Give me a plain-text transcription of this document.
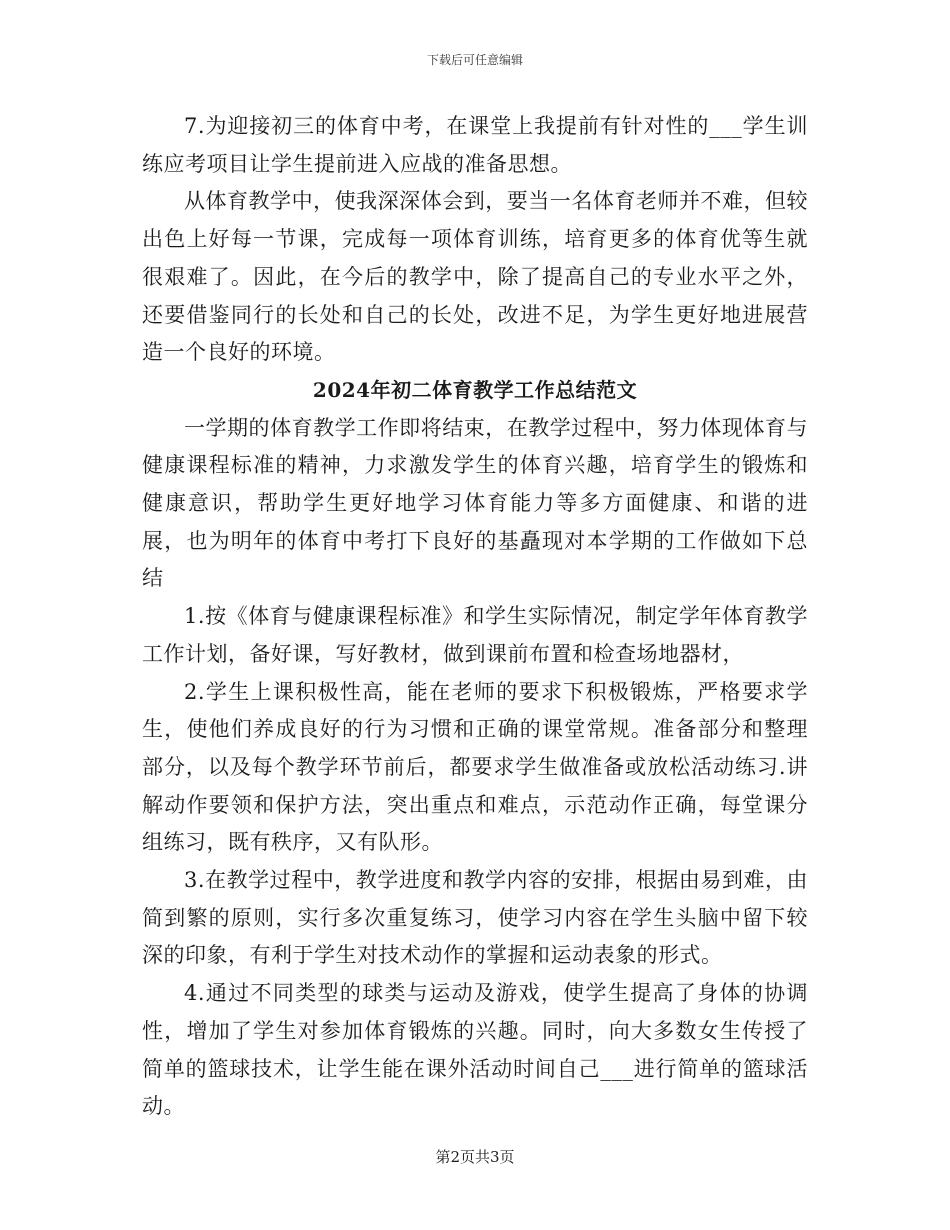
下载后可任意编辑

7.为迎接初三的体育中考，在课堂上我提前有针对性的___学生训练应考项目让学生提前进入应战的准备思想。

从体育教学中，使我深深体会到，要当一名体育老师并不难，但较出色上好每一节课，完成每一项体育训练，培育更多的体育优等生就很艰难了。因此，在今后的教学中，除了提高自己的专业水平之外，还要借鉴同行的长处和自己的长处，改进不足，为学生更好地进展营造一个良好的环境。

2024年初二体育教学工作总结范文

一学期的体育教学工作即将结束，在教学过程中，努力体现体育与健康课程标准的精神，力求激发学生的体育兴趣，培育学生的锻炼和健康意识，帮助学生更好地学习体育能力等多方面健康、和谐的进展，也为明年的体育中考打下良好的基矗现对本学期的工作做如下总结

1.按《体育与健康课程标准》和学生实际情况，制定学年体育教学工作计划，备好课，写好教材，做到课前布置和检查场地器材，

2.学生上课积极性高，能在老师的要求下积极锻炼，严格要求学生，使他们养成良好的行为习惯和正确的课堂常规。准备部分和整理部分，以及每个教学环节前后，都要求学生做准备或放松活动练习.讲解动作要领和保护方法，突出重点和难点，示范动作正确，每堂课分组练习，既有秩序，又有队形。

3.在教学过程中，教学进度和教学内容的安排，根据由易到难，由简到繁的原则，实行多次重复练习，使学习内容在学生头脑中留下较深的印象，有利于学生对技术动作的掌握和运动表象的形式。

4.通过不同类型的球类与运动及游戏，使学生提高了身体的协调性，增加了学生对参加体育锻炼的兴趣。同时，向大多数女生传授了简单的篮球技术，让学生能在课外活动时间自己___进行简单的篮球活动。

第2页共3页
